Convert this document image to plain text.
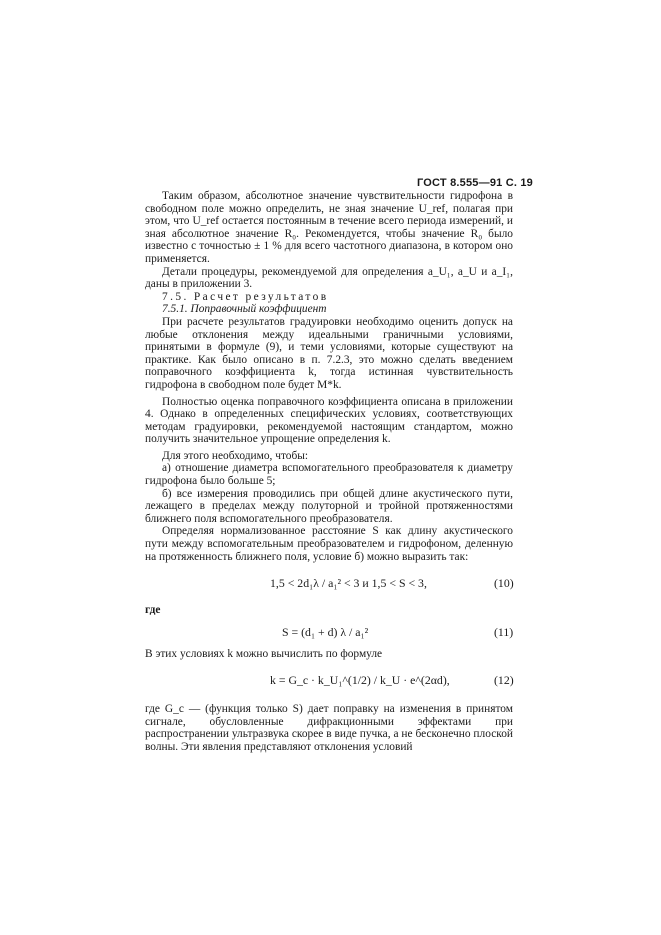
ГОСТ 8.555—91 С. 19

Таким образом, абсолютное значение чувствительности гидрофона в свободном поле можно определить, не зная значение U_ref, полагая при этом, что U_ref остается постоянным в течение всего периода измерений, и зная абсолютное значение R₀. Рекомендуется, чтобы значение R₀ было известно с точностью ± 1 % для всего частотного диапазона, в котором оно применяется.

Детали процедуры, рекомендуемой для определения a_U₁, a_U и a_I₁, даны в приложении 3.

7.5. Расчет результатов

7.5.1. Поправочный коэффициент

При расчете результатов градуировки необходимо оценить допуск на любые отклонения между идеальными граничными условиями, принятыми в формуле (9), и теми условиями, которые существуют на практике. Как было описано в п. 7.2.3, это можно сделать введением поправочного коэффициента k, тогда истинная чувствительность гидрофона в свободном поле будет M*k.

Полностью оценка поправочного коэффициента описана в приложении 4. Однако в определенных специфических условиях, соответствующих методам градуировки, рекомендуемой настоящим стандартом, можно получить значительное упрощение определения k.

Для этого необходимо, чтобы:

а) отношение диаметра вспомогательного преобразователя к диаметру гидрофона было больше 5;

б) все измерения проводились при общей длине акустического пути, лежащего в пределах между полуторной и тройной протяженностями ближнего поля вспомогательного преобразователя.

Определяя нормализованное расстояние S как длину акустического пути между вспомогательным преобразователем и гидрофоном, деленную на протяженность ближнего поля, условие б) можно выразить так:

1,5 < 2d₁λ / a₁² < 3 и 1,5 < S < 3,	(10)
где
S = (d₁ + d) λ / a₁²	(11)

В этих условиях k можно вычислить по формуле

k = G_c · k_U₁^(1/2) / k_U · e^(2αd),	(12)

где G_c — (функция только S) дает поправку на изменения в принятом сигнале, обусловленные дифракционными эффектами при распространении ультразвука скорее в виде пучка, а не бесконечно плоской волны. Эти явления представляют отклонения условий
